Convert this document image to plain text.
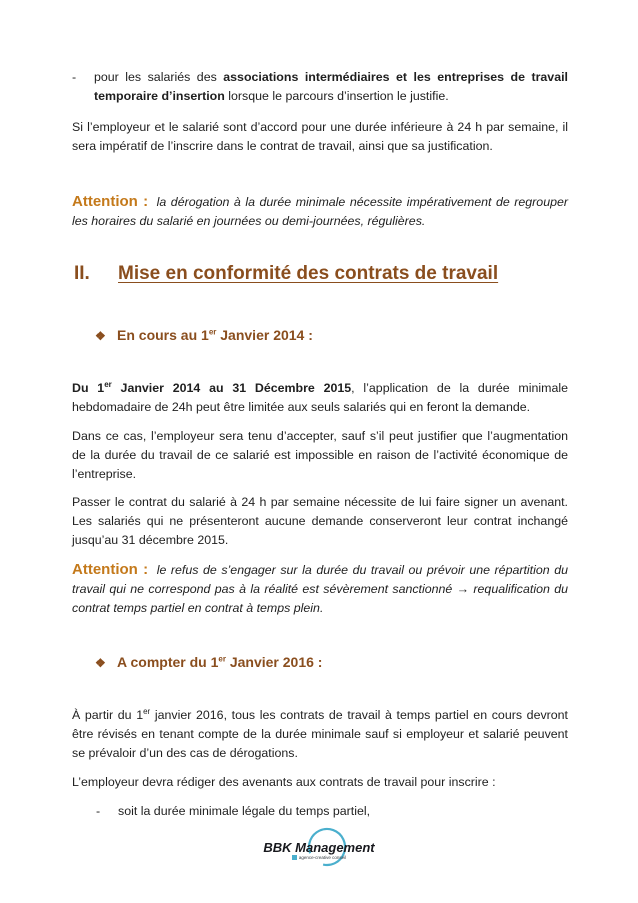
-	pour les salariés des associations intermédiaires et les entreprises de travail temporaire d’insertion lorsque le parcours d’insertion le justifie.

Si l’employeur et le salarié sont d’accord pour une durée inférieure à 24 h par semaine, il sera impératif de l’inscrire dans le contrat de travail, ainsi que sa justification.

Attention : la dérogation à la durée minimale nécessite impérativement de regrouper les horaires du salarié en journées ou demi-journées, régulières.

II.	Mise en conformité des contrats de travail
❖ En cours au 1er Janvier 2014 :

Du 1er Janvier 2014 au 31 Décembre 2015, l’application de la durée minimale hebdomadaire de 24h peut être limitée aux seuls salariés qui en feront la demande.

Dans ce cas, l’employeur sera tenu d’accepter, sauf s’il peut justifier que l’augmentation de la durée du travail de ce salarié est impossible en raison de l’activité économique de l’entreprise.

Passer le contrat du salarié à 24 h par semaine nécessite de lui faire signer un avenant. Les salariés qui ne présenteront aucune demande conserveront leur contrat inchangé jusqu’au 31 décembre 2015.

Attention : le refus de s’engager sur la durée du travail ou prévoir une répartition du travail qui ne correspond pas à la réalité est sévèrement sanctionné → requalification du contrat temps partiel en contrat à temps plein.

❖ A compter du 1er Janvier 2016 :

À partir du 1er janvier 2016, tous les contrats de travail à temps partiel en cours devront être révisés en tenant compte de la durée minimale sauf si employeur et salarié peuvent se prévaloir d’un des cas de dérogations.

L’employeur devra rédiger des avenants aux contrats de travail pour inscrire :

-	soit la durée minimale légale du temps partiel,
BBK Management
agence-creative conseil
